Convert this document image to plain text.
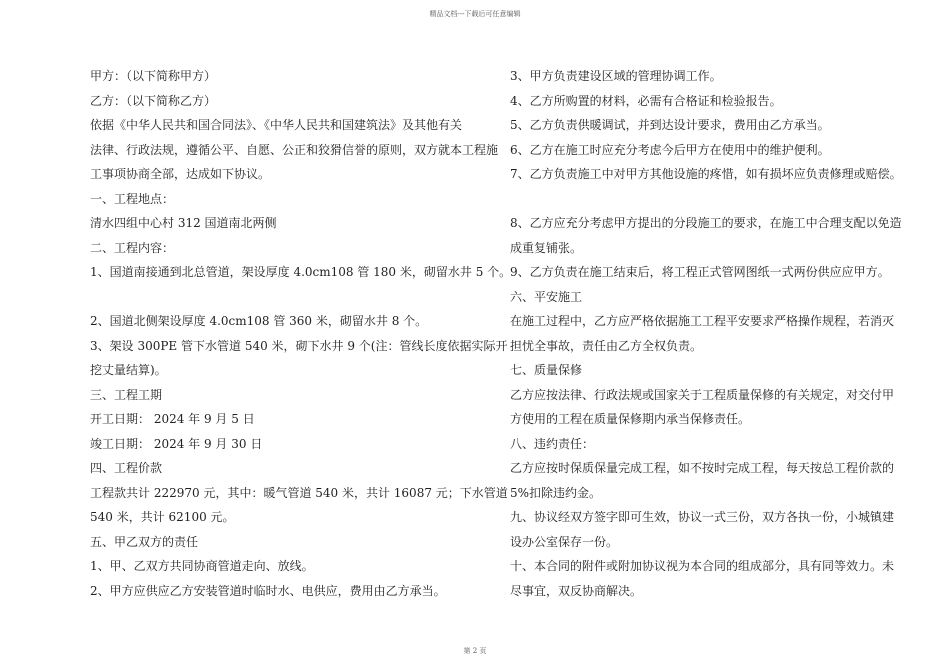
精品文档---下载后可任意编辑
甲方：（以下简称甲方）
乙方：（以下简称乙方）
依据《中华人民共和国合同法》、《中华人民共和国建筑法》及其他有关
法律、行政法规，遵循公平、自愿、公正和狡猾信誉的原则，双方就本工程施
工事项协商全部，达成如下协议。
一、工程地点：
清水四组中心村 312 国道南北两侧
二、工程内容：
1、国道南接通到北总管道，架设厚度 4.0cm108 管 180 米，砌留水井 5 个。
2、国道北侧架设厚度 4.0cm108 管 360 米，砌留水井 8 个。
3、架设 300PE 管下水管道 540 米，砌下水井 9 个(注：管线长度依据实际开
挖丈量结算)。
三、工程工期
开工日期： 2024 年 9 月 5 日
竣工日期： 2024 年 9 月 30 日
四、工程价款
工程款共计 222970 元，其中：暖气管道 540 米，共计 16087 元；下水管道
540 米，共计 62100 元。
五、甲乙双方的责任
1、甲、乙双方共同协商管道走向、放线。
2、甲方应供应乙方安装管道时临时水、电供应，费用由乙方承当。
3、甲方负责建设区域的管理协调工作。
4、乙方所购置的材料，必需有合格证和检验报告。
5、乙方负责供暖调试，并到达设计要求，费用由乙方承当。
6、乙方在施工时应充分考虑今后甲方在使用中的维护便利。
7、乙方负责施工中对甲方其他设施的疼惜，如有损坏应负责修理或赔偿。
8、乙方应充分考虑甲方提出的分段施工的要求，在施工中合理支配以免造
成重复铺张。
9、乙方负责在施工结束后，将工程正式管网图纸一式两份供应应甲方。
六、平安施工
在施工过程中，乙方应严格依据施工工程平安要求严格操作规程，若消灭
担忧全事故，责任由乙方全权负责。
七、质量保修
乙方应按法律、行政法规或国家关于工程质量保修的有关规定，对交付甲
方使用的工程在质量保修期内承当保修责任。
八、违约责任：
乙方应按时保质保量完成工程，如不按时完成工程，每天按总工程价款的
5%扣除违约金。
九、协议经双方签字即可生效，协议一式三份，双方各执一份，小城镇建
设办公室保存一份。
十、本合同的附件或附加协议视为本合同的组成部分，具有同等效力。未
尽事宜，双反协商解决。
第 2 页
